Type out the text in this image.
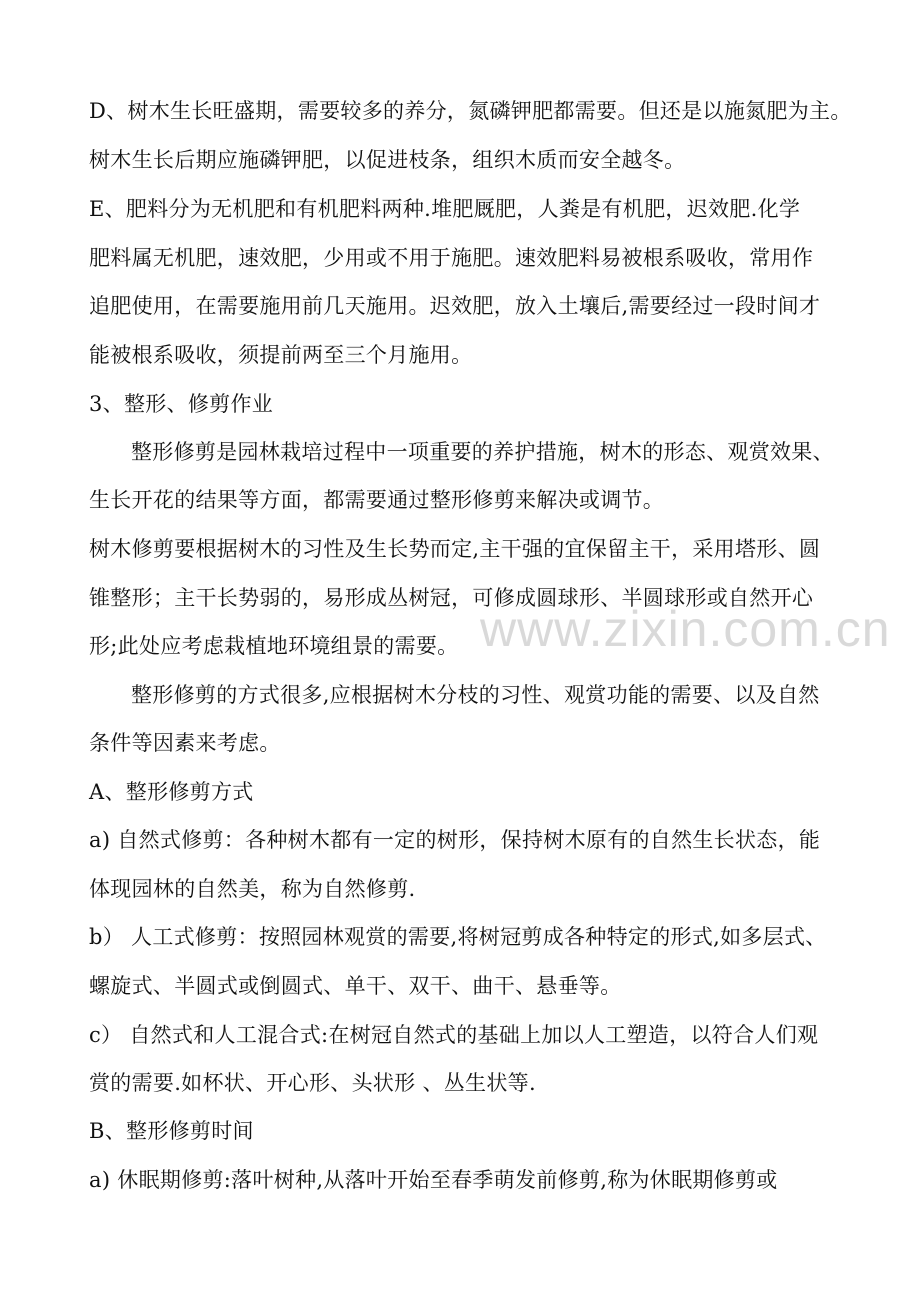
www.zixin.com.cn
D、树木生长旺盛期，需要较多的养分，氮磷钾肥都需要。但还是以施氮肥为主。
树木生长后期应施磷钾肥，以促进枝条，组织木质而安全越冬。
E、肥料分为无机肥和有机肥料两种.堆肥厩肥，人粪是有机肥，迟效肥.化学
肥料属无机肥，速效肥，少用或不用于施肥。速效肥料易被根系吸收，常用作
追肥使用，在需要施用前几天施用。迟效肥，放入土壤后,需要经过一段时间才
能被根系吸收，须提前两至三个月施用。
3、整形、修剪作业
整形修剪是园林栽培过程中一项重要的养护措施，树木的形态、观赏效果、
生长开花的结果等方面，都需要通过整形修剪来解决或调节。
树木修剪要根据树木的习性及生长势而定,主干强的宜保留主干，采用塔形、圆
锥整形；主干长势弱的，易形成丛树冠，可修成圆球形、半圆球形或自然开心
形;此处应考虑栽植地环境组景的需要。
整形修剪的方式很多,应根据树木分枝的习性、观赏功能的需要、以及自然
条件等因素来考虑。
A、整形修剪方式
a) 自然式修剪：各种树木都有一定的树形，保持树木原有的自然生长状态，能
体现园林的自然美，称为自然修剪.
b） 人工式修剪：按照园林观赏的需要,将树冠剪成各种特定的形式,如多层式、
螺旋式、半圆式或倒圆式、单干、双干、曲干、悬垂等。
c） 自然式和人工混合式:在树冠自然式的基础上加以人工塑造，以符合人们观
赏的需要.如杯状、开心形、头状形 、丛生状等.
B、整形修剪时间
a) 休眠期修剪:落叶树种,从落叶开始至春季萌发前修剪,称为休眠期修剪或
